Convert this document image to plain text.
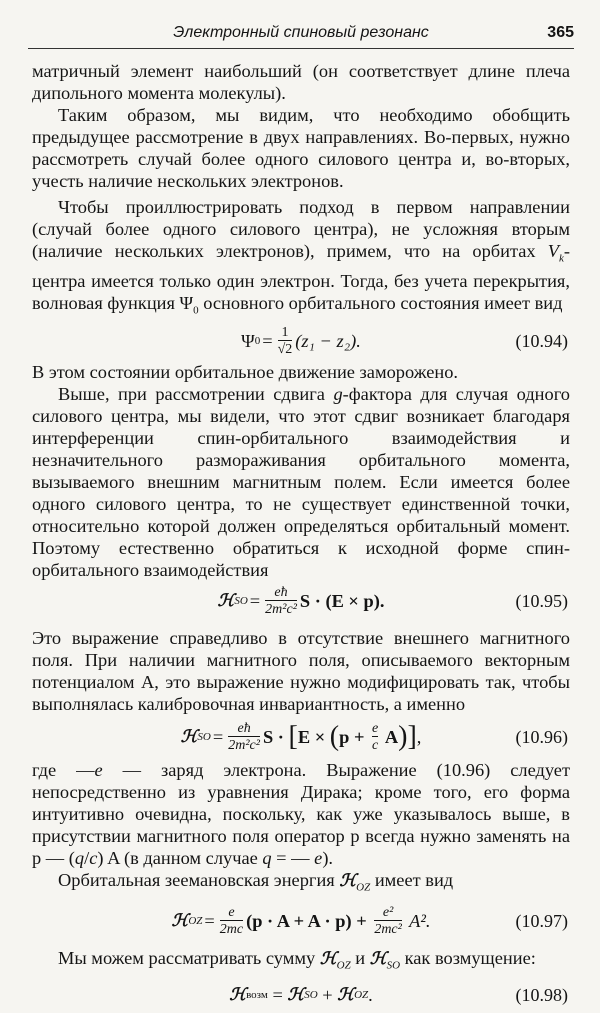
Электронный спиновый резонанс	365

матричный элемент наибольший (он соответствует длине плеча дипольного момента молекулы).

Таким образом, мы видим, что необходимо обобщить предыдущее рассмотрение в двух направлениях. Во-первых, нужно рассмотреть случай более одного силового центра и, во-вторых, учесть наличие нескольких электронов.

Чтобы проиллюстрировать подход в первом направлении (случай более одного силового центра), не усложняя вторым (наличие нескольких электронов), примем, что на орбитах $V_k$-центра имеется только один электрон. Тогда, без учета перекрытия, волновая функция $\Psi_0$ основного орбитального состояния имеет вид

Ψ $0 = \frac{1}{√2} (z_1 - z_2)$.	(10.94)

В этом состоянии орбитальное движение заморожено.

Выше, при рассмотрении сдвига g-фактора для случая одного силового центра, мы видели, что этот сдвиг возникает благодаря интерференции спин-орбитального взаимодействия и незначительного размораживания орбитального момента, вызываемого внешним магнитным полем. Если имеется более одного силового центра, то не существует единственной точки, относительно которой должен определяться орбитальный момент. Поэтому естественно обратиться к исходной форме спин-орбитального взаимодействия

ℋ SO = $\frac{eħ}{\text{2m²c²}}$ S · (E × p).	(10.95)

Это выражение справедливо в отсутствие внешнего магнитного поля. При наличии магнитного поля, описываемого векторным потенциалом A, это выражение нужно модифицировать так, чтобы выполнялась калибровочная инвариантность, а именно

ℋ SO = $\frac{eħ}{\text{2m²c²}}$ S · [ E × ( $p + \frac{e}{c}$ A ) ] ,	(10.96)

где —e — заряд электрона. Выражение (10.96) следует непосредственно из уравнения Дирака; кроме того, его форма интуитивно очевидна, поскольку, как уже указывалось выше, в присутствии магнитного поля оператор p всегда нужно заменять на p — (q/c) A (в данном случае q = — e).

Орбитальная зеемановская энергия ℋ$_{OZ}$ имеет вид

ℋ OZ = $\frac{e}{2mc} (p \cdot A + A \cdot p) + \frac{\text{e²}}{\text{2mc²}} A^2$.	(10.97)

Мы можем рассматривать сумму ℋ$_{OZ}$ и ℋ$_{SO}$ как возмущение:

ℋ возм = ℋ SO + ℋ OZ .	(10.98)
